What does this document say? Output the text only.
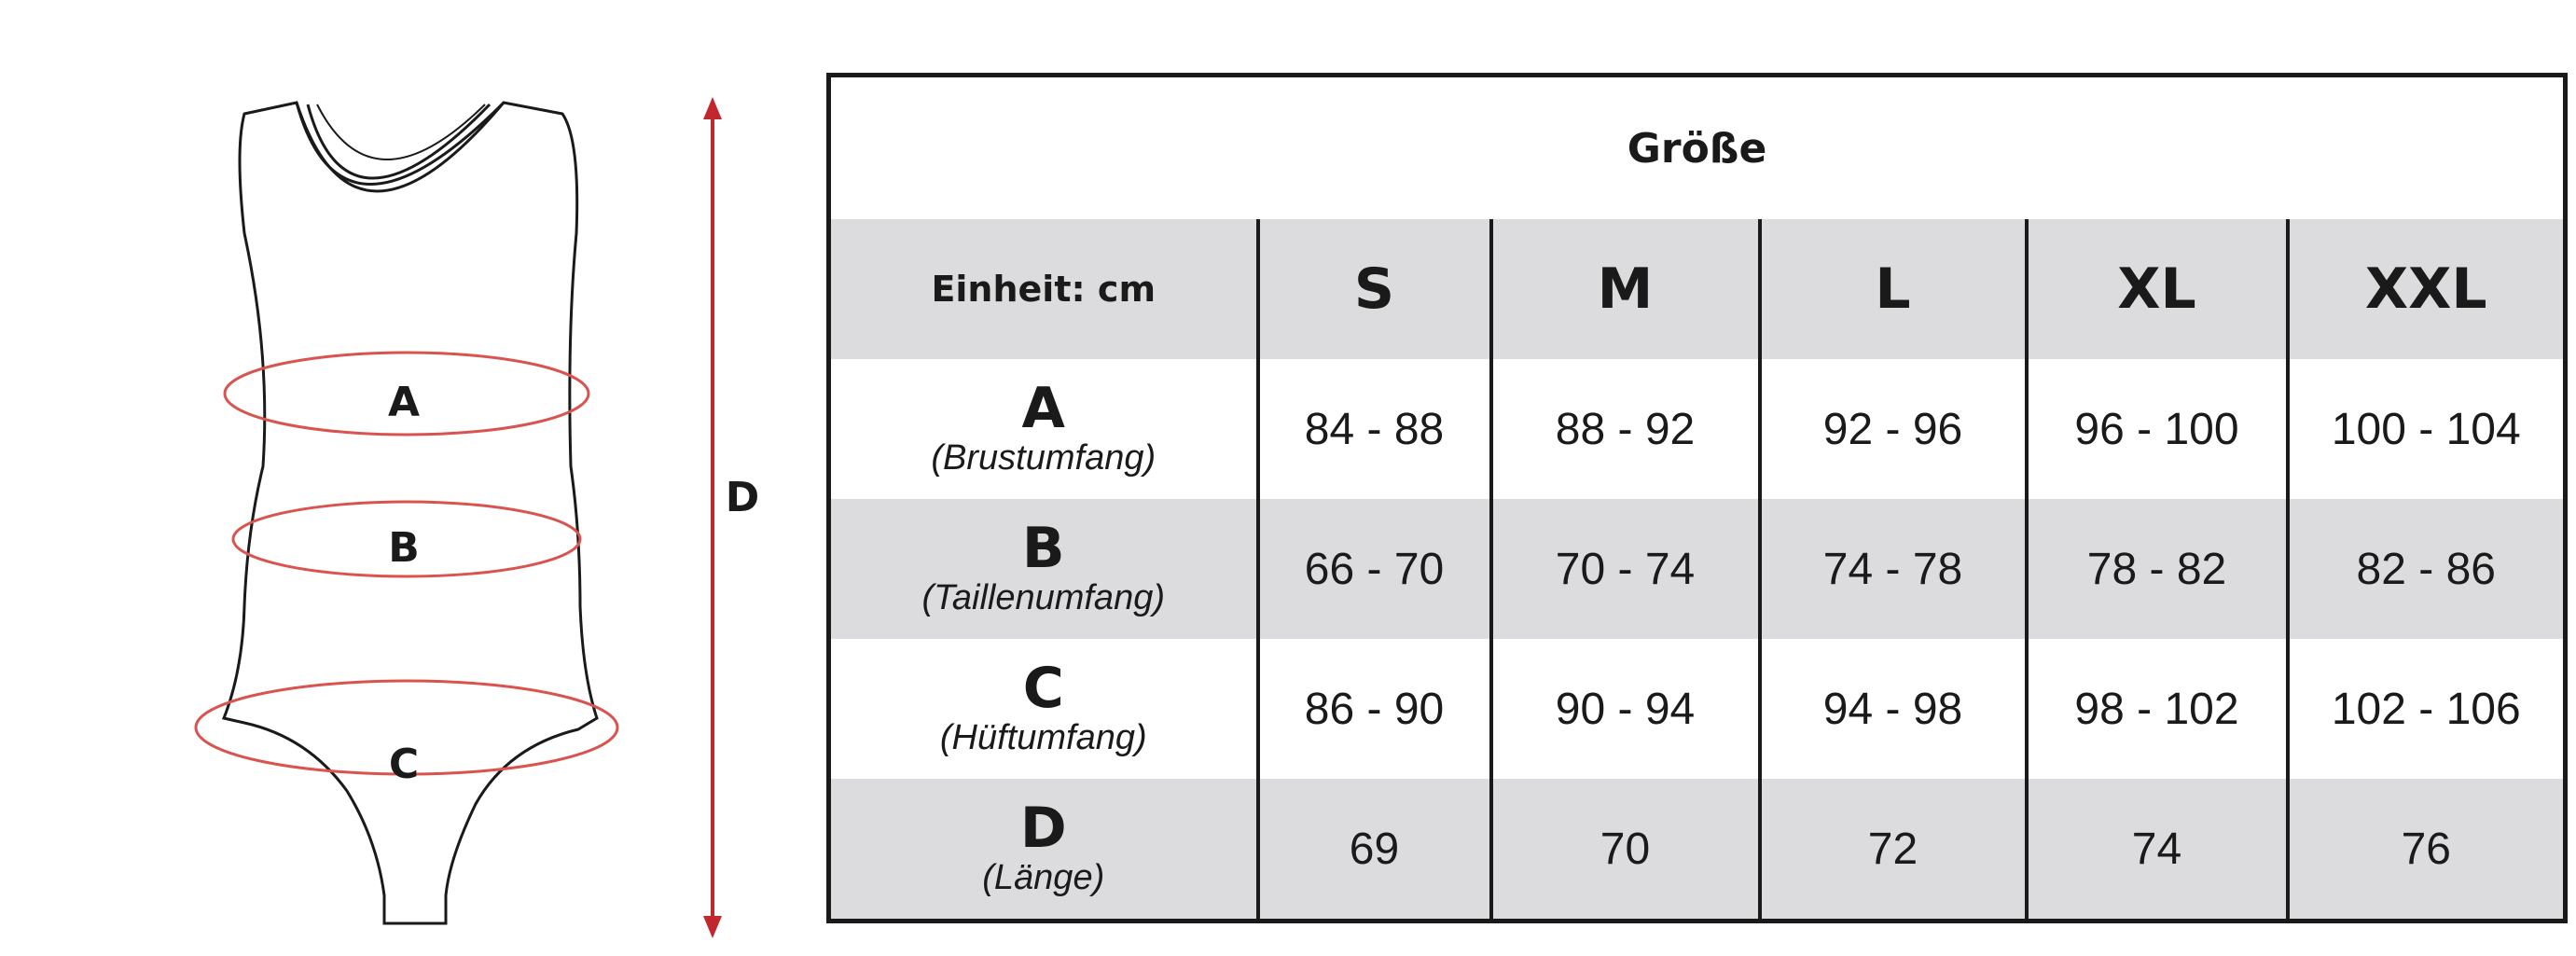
A
B
C
D
Größe					
Einheit: cm	S	M	L	XL	XXL

A
(Brustumfang)	84 - 88	88 - 92	92 - 96	96 - 100	100 - 104

B
(Taillenumfang)	66 - 70	70 - 74	74 - 78	78 - 82	82 - 86

C
(Hüftumfang)	86 - 90	90 - 94	94 - 98	98 - 102	102 - 106

D
(Länge)	69	70	72	74	76
